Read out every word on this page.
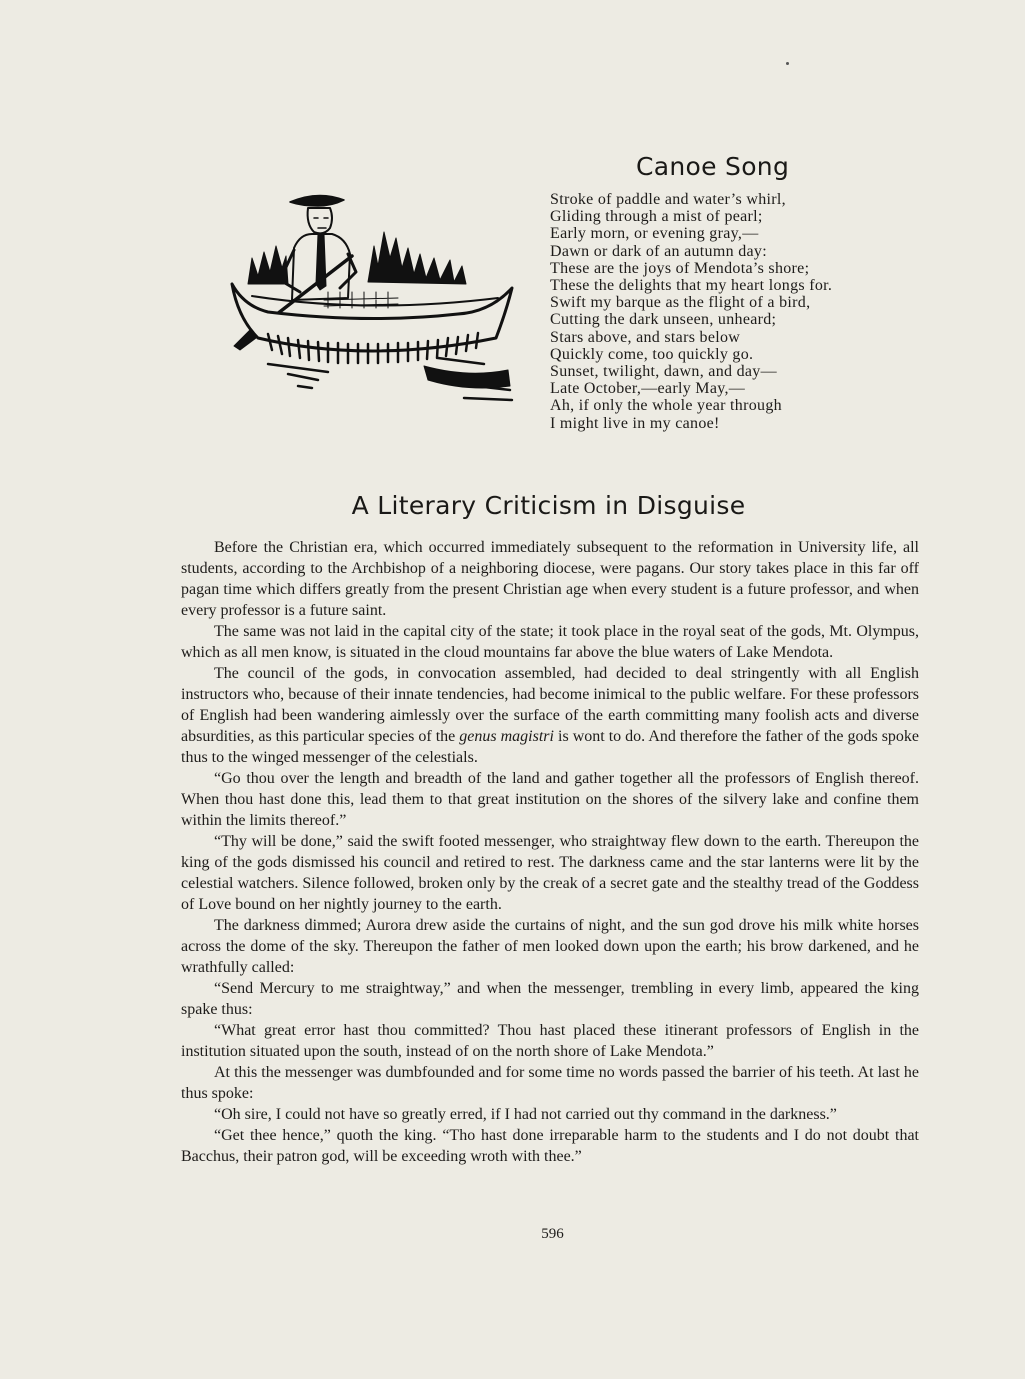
Canoe Song
Stroke of paddle and water’s whirl,
Gliding through a mist of pearl;
Early morn, or evening gray,—
Dawn or dark of an autumn day:
These are the joys of Mendota’s shore;
These the delights that my heart longs for.
Swift my barque as the flight of a bird,
Cutting the dark unseen, unheard;
Stars above, and stars below
Quickly come, too quickly go.
Sunset, twilight, dawn, and day—
Late October,—early May,—
Ah, if only the whole year through
I might live in my canoe!
A Literary Criticism in Disguise

Before the Christian era, which occurred immediately subsequent to the reformation in University life, all students, according to the Archbishop of a neighboring diocese, were pagans. Our story takes place in this far off pagan time which differs greatly from the present Christian age when every student is a future professor, and when every professor is a future saint.

The same was not laid in the capital city of the state; it took place in the royal seat of the gods, Mt. Olympus, which as all men know, is situated in the cloud mountains far above the blue waters of Lake Mendota.

The council of the gods, in convocation assembled, had decided to deal stringently with all English instructors who, because of their innate tendencies, had become inimical to the public welfare. For these professors of English had been wandering aimlessly over the surface of the earth committing many foolish acts and diverse absurdities, as this particular species of the genus magistri is wont to do. And therefore the father of the gods spoke thus to the winged messenger of the celestials.

“Go thou over the length and breadth of the land and gather together all the professors of English thereof. When thou hast done this, lead them to that great institution on the shores of the silvery lake and confine them within the limits thereof.”

“Thy will be done,” said the swift footed messenger, who straightway flew down to the earth. Thereupon the king of the gods dismissed his council and retired to rest. The darkness came and the star lanterns were lit by the celestial watchers. Silence followed, broken only by the creak of a secret gate and the stealthy tread of the Goddess of Love bound on her nightly journey to the earth.

The darkness dimmed; Aurora drew aside the curtains of night, and the sun god drove his milk white horses across the dome of the sky. Thereupon the father of men looked down upon the earth; his brow darkened, and he wrathfully called:

“Send Mercury to me straightway,” and when the messenger, trembling in every limb, appeared the king spake thus:

“What great error hast thou committed? Thou hast placed these itinerant professors of English in the institution situated upon the south, instead of on the north shore of Lake Mendota.”

At this the messenger was dumbfounded and for some time no words passed the barrier of his teeth. At last he thus spoke:

“Oh sire, I could not have so greatly erred, if I had not carried out thy command in the darkness.”

“Get thee hence,” quoth the king. “Tho hast done irreparable harm to the students and I do not doubt that Bacchus, their patron god, will be exceeding wroth with thee.”

596
